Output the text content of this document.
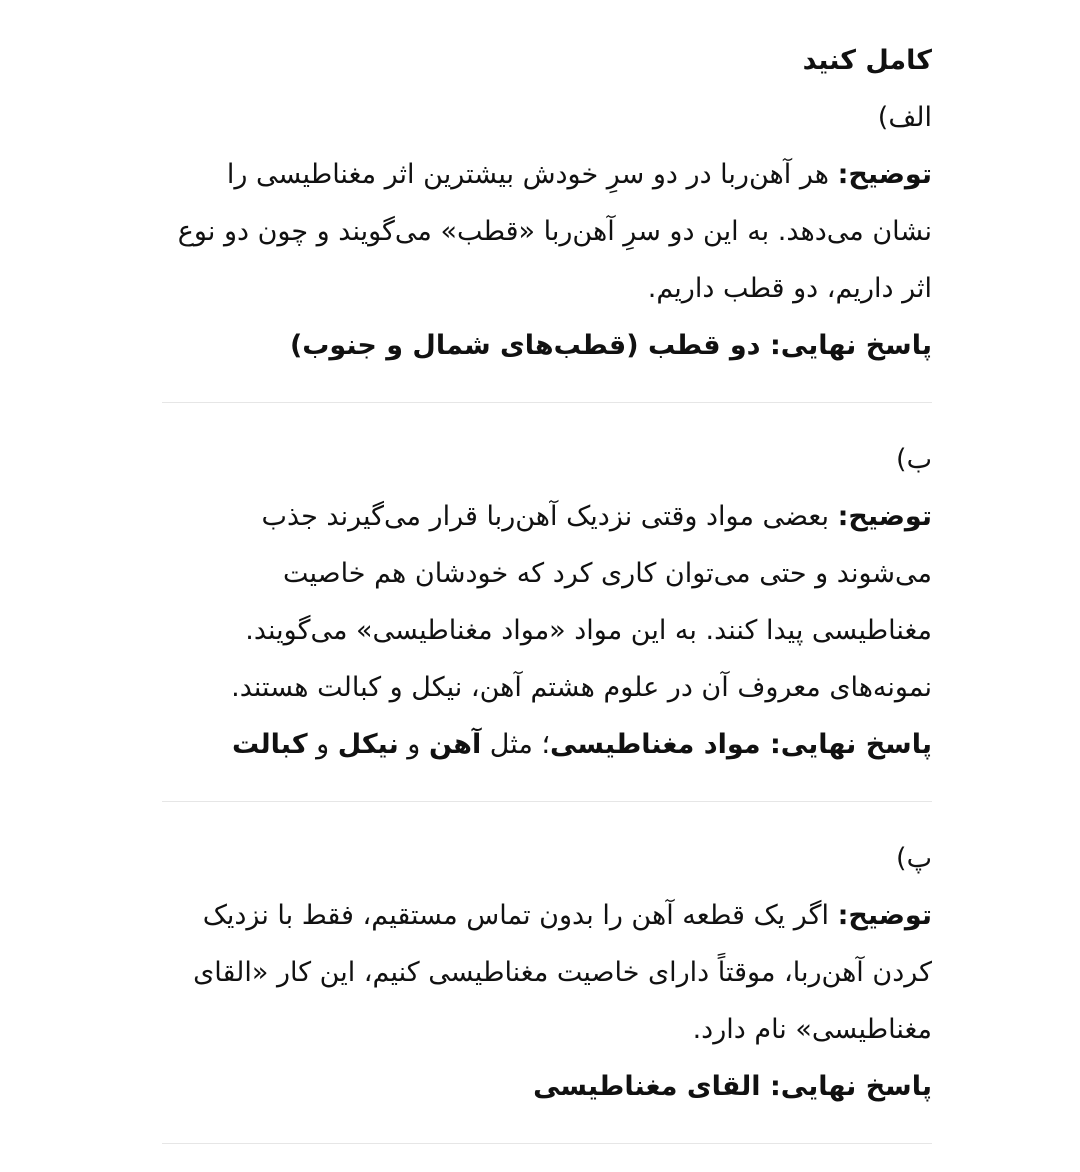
کامل کنید

الف)

توضیح: هر آهن‌ربا در دو سرِ خودش بیشترین اثر مغناطیسی را نشان می‌دهد. به این دو سرِ آهن‌ربا «قطب» می‌گویند و چون دو نوع اثر داریم، دو قطب داریم.

پاسخ نهایی: دو قطب (قطب‌های شمال و جنوب)

ب)

توضیح: بعضی مواد وقتی نزدیک آهن‌ربا قرار می‌گیرند جذب می‌شوند و حتی می‌توان کاری کرد که خودشان هم خاصیت مغناطیسی پیدا کنند. به این مواد «مواد مغناطیسی» می‌گویند. نمونه‌های معروف آن در علوم هشتم آهن، نیکل و کبالت هستند.

پاسخ نهایی: مواد مغناطیسی؛ مثل آهن و نیکل و کبالت

پ)

توضیح: اگر یک قطعه آهن را بدون تماس مستقیم، فقط با نزدیک کردن آهن‌ربا، موقتاً دارای خاصیت مغناطیسی کنیم، این کار «القای مغناطیسی» نام دارد.

پاسخ نهایی: القای مغناطیسی
